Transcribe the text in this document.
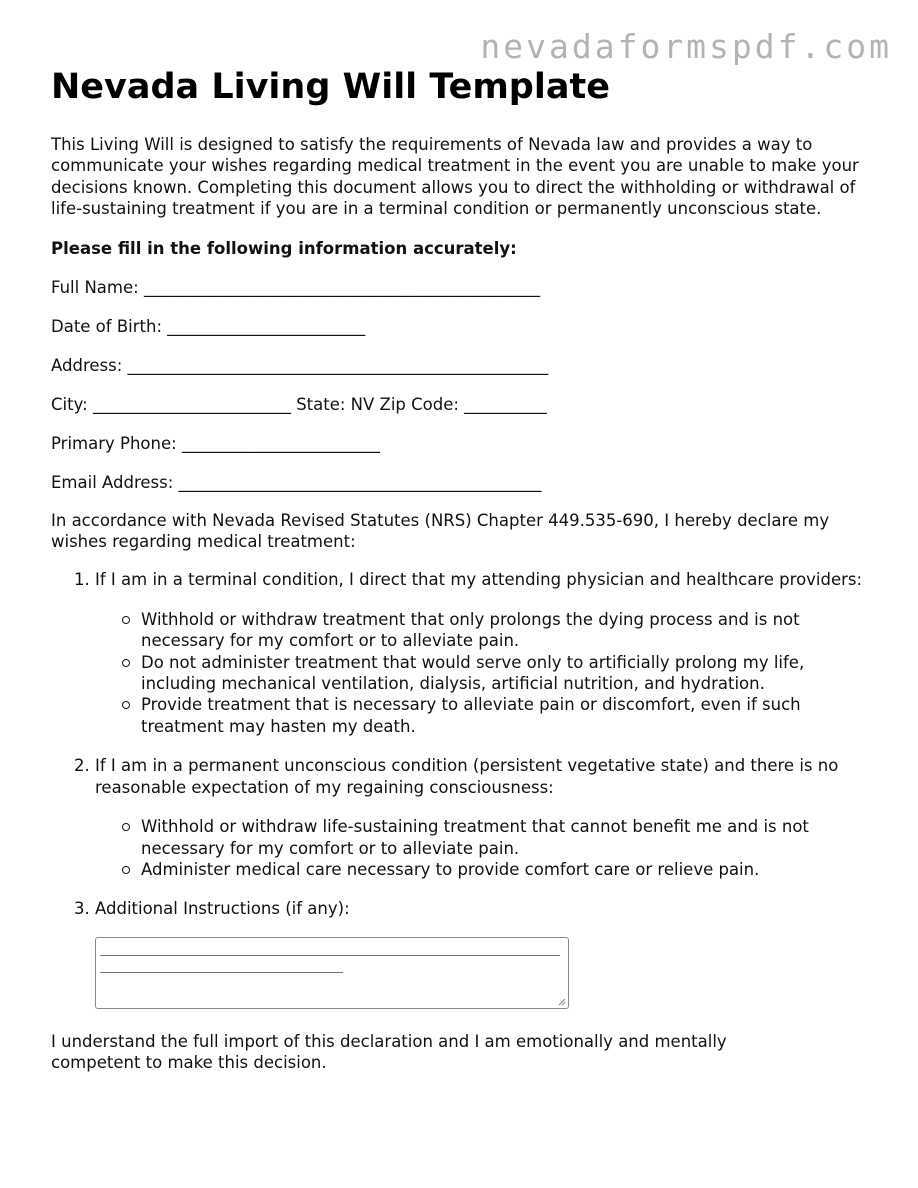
nevadaformspdf.com
Nevada Living Will Template

This Living Will is designed to satisfy the requirements of Nevada law and provides a way to communicate your wishes regarding medical treatment in the event you are unable to make your decisions known. Completing this document allows you to direct the withholding or withdrawal of life-sustaining treatment if you are in a terminal condition or permanently unconscious state.

Please fill in the following information accurately:

Full Name: ________________________________________________
Date of Birth: ________________________
Address: ___________________________________________________
City: ________________________ State: NV Zip Code: __________
Primary Phone: ________________________
Email Address: ____________________________________________

In accordance with Nevada Revised Statutes (NRS) Chapter 449.535-690, I hereby declare my wishes regarding medical treatment:

1. If I am in a terminal condition, I direct that my attending physician and healthcare providers:
Withhold or withdraw treatment that only prolongs the dying process and is not necessary for my comfort or to alleviate pain.
Do not administer treatment that would serve only to artificially prolong my life, including mechanical ventilation, dialysis, artificial nutrition, and hydration.
Provide treatment that is necessary to alleviate pain or discomfort, even if such treatment may hasten my death.
2. If I am in a permanent unconscious condition (persistent vegetative state) and there is no reasonable expectation of my regaining consciousness:
Withhold or withdraw life-sustaining treatment that cannot benefit me and is not necessary for my comfort or to alleviate pain.
Administer medical care necessary to provide comfort care or relieve pain.
3. Additional Instructions (if any):

I understand the full import of this declaration and I am emotionally and mentally competent to make this decision.
